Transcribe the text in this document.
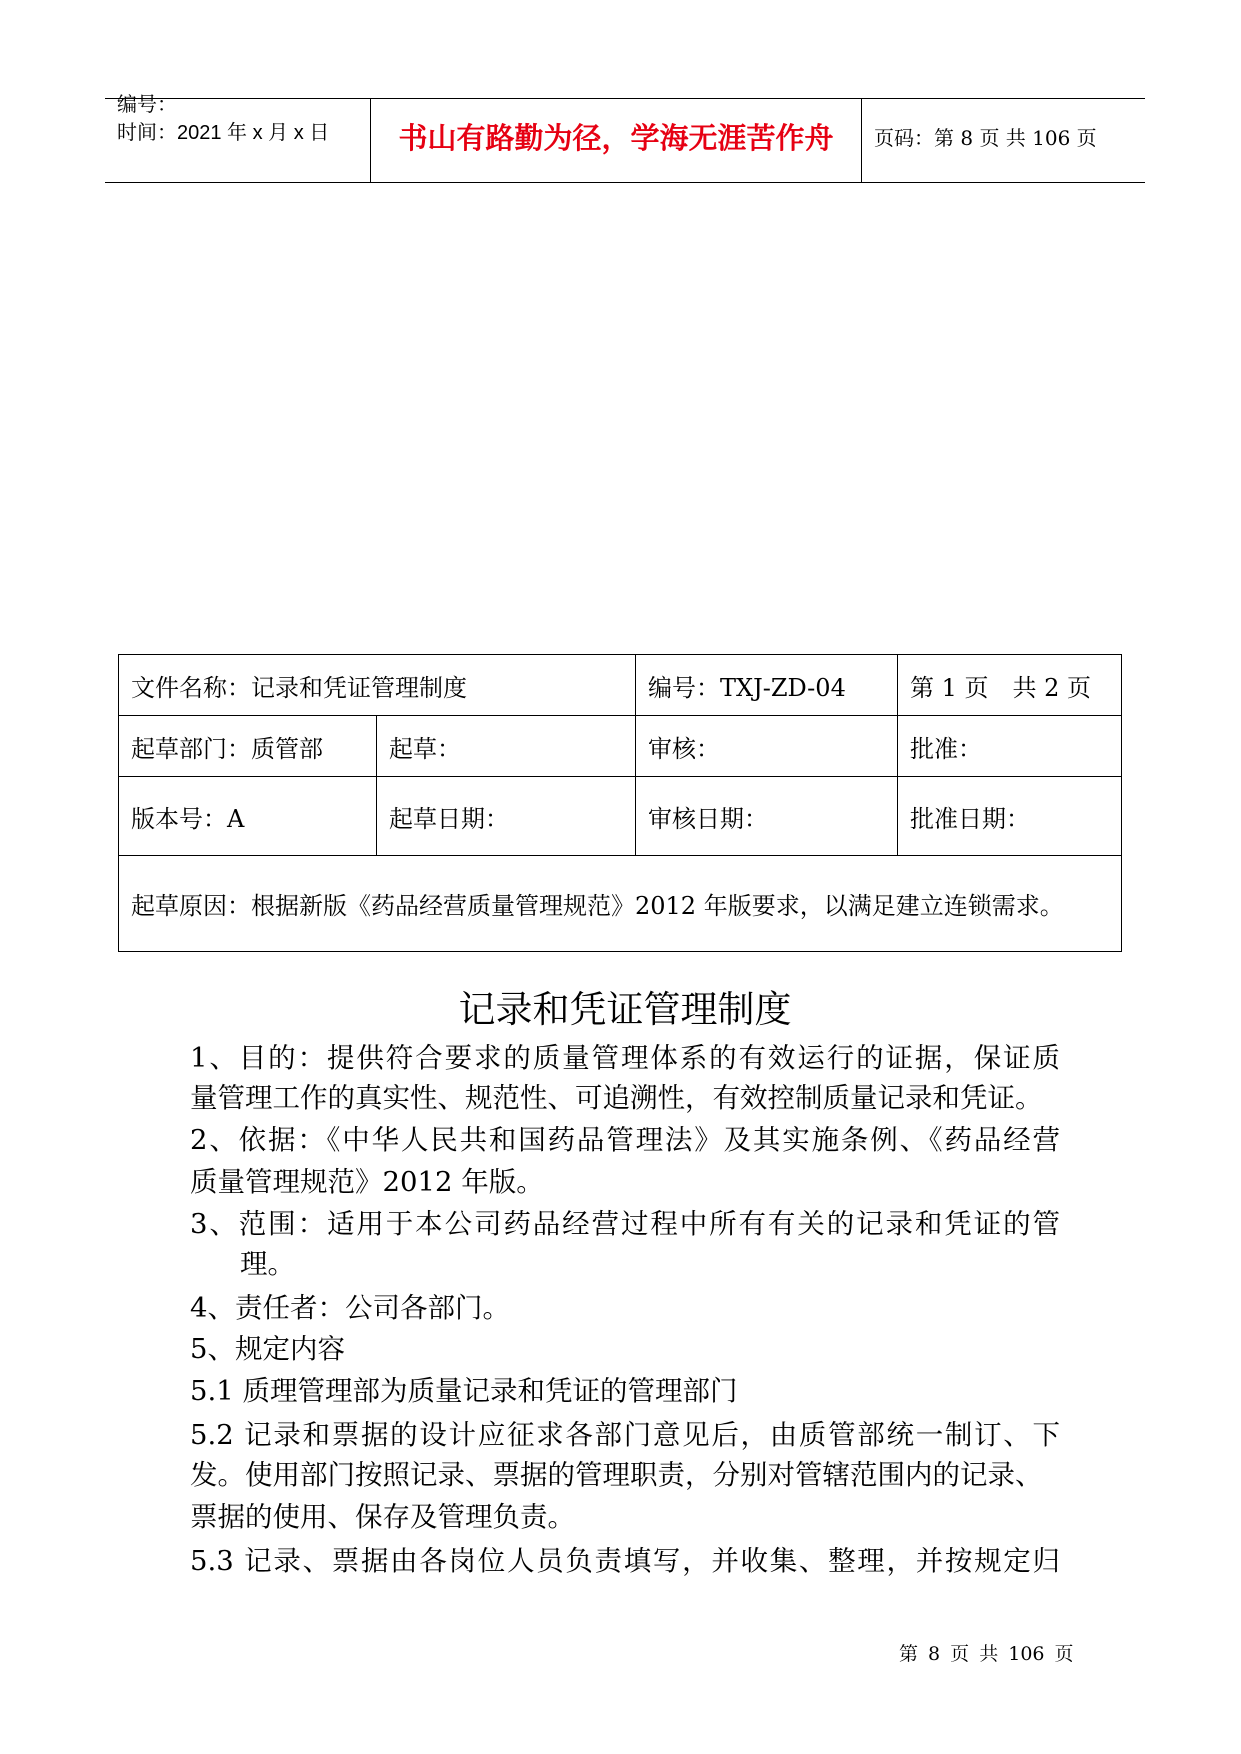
编号：
时间：2021 年 x 月 x 日	书山有路勤为径，学海无涯苦作舟	页码：第 8 页 共 106 页
文件名称：记录和凭证管理制度		编号：TXJ-ZD-04	第 1 页　共 2 页
起草部门：质管部	起草：	审核：	批准：
版本号：A	起草日期：	审核日期：	批准日期：
起草原因：根据新版《药品经营质量管理规范》2012 年版要求，以满足建立连锁需求。			
记录和凭证管理制度
1、目的：提供符合要求的质量管理体系的有效运行的证据，保证质
量管理工作的真实性、规范性、可追溯性，有效控制质量记录和凭证。
2、依据：《中华人民共和国药品管理法》及其实施条例、《药品经营
质量管理规范》2012 年版。
3、范围：适用于本公司药品经营过程中所有有关的记录和凭证的管
理。
4、责任者：公司各部门。
5、规定内容
5.1 质理管理部为质量记录和凭证的管理部门
5.2 记录和票据的设计应征求各部门意见后，由质管部统一制订、下
发。使用部门按照记录、票据的管理职责，分别对管辖范围内的记录、
票据的使用、保存及管理负责。
5.3 记录、票据由各岗位人员负责填写，并收集、整理，并按规定归
第 8 页 共 106 页
